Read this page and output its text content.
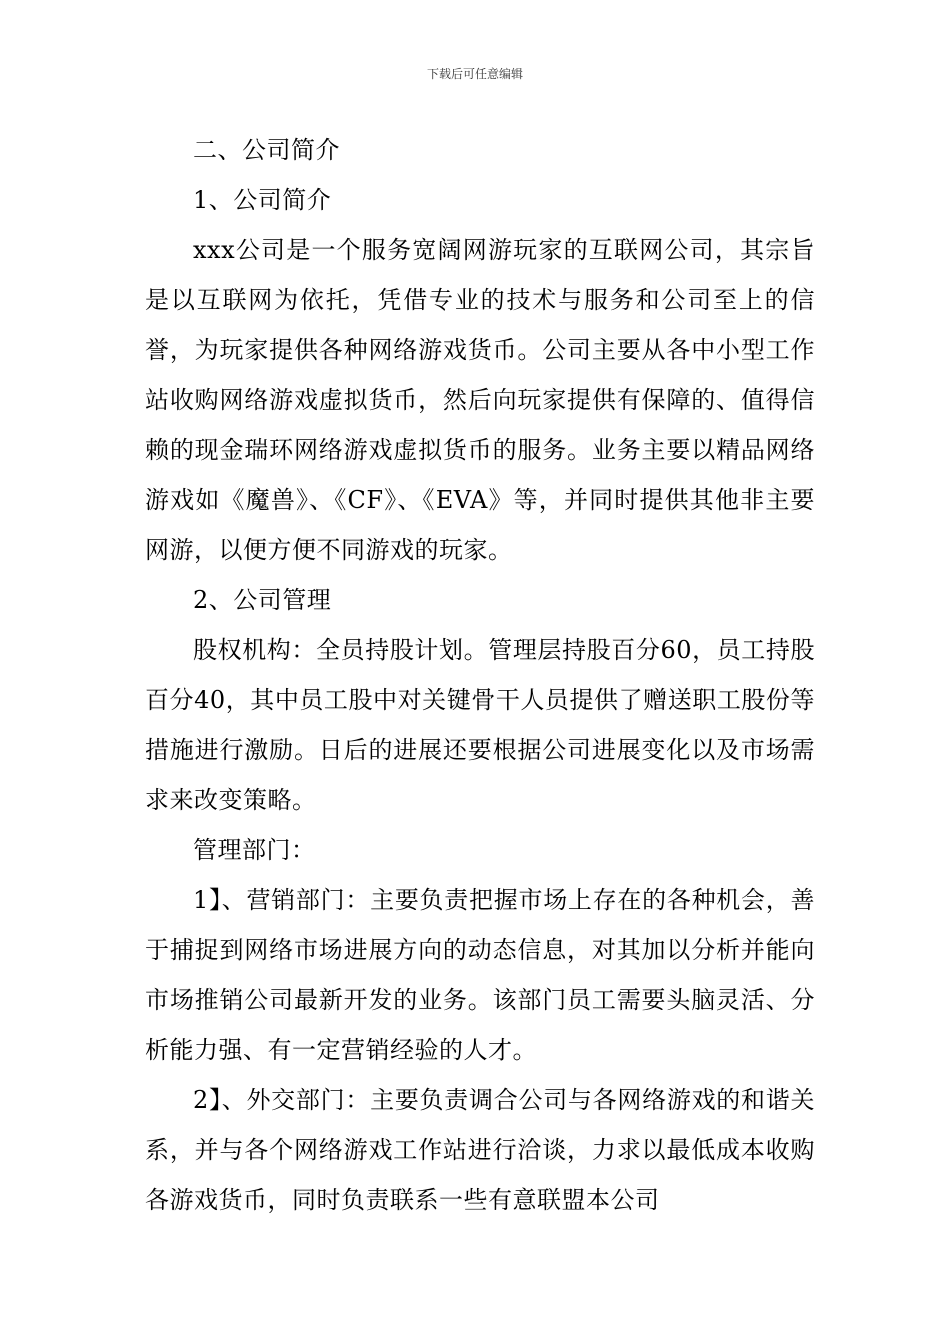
下载后可任意编辑

二、公司简介

1、公司简介

xxx公司是一个服务宽阔网游玩家的互联网公司，其宗旨是以互联网为依托，凭借专业的技术与服务和公司至上的信誉，为玩家提供各种网络游戏货币。公司主要从各中小型工作站收购网络游戏虚拟货币，然后向玩家提供有保障的、值得信赖的现金瑞环网络游戏虚拟货币的服务。业务主要以精品网络游戏如《魔兽》、《CF》、《EVA》等，并同时提供其他非主要网游，以便方便不同游戏的玩家。

2、公司管理

股权机构：全员持股计划。管理层持股百分60，员工持股百分40，其中员工股中对关键骨干人员提供了赠送职工股份等措施进行激励。日后的进展还要根据公司进展变化以及市场需求来改变策略。

管理部门：

1】、营销部门：主要负责把握市场上存在的各种机会，善于捕捉到网络市场进展方向的动态信息，对其加以分析并能向市场推销公司最新开发的业务。该部门员工需要头脑灵活、分析能力强、有一定营销经验的人才。

2】、外交部门：主要负责调合公司与各网络游戏的和谐关系，并与各个网络游戏工作站进行洽谈，力求以最低成本收购各游戏货币，同时负责联系一些有意联盟本公司
